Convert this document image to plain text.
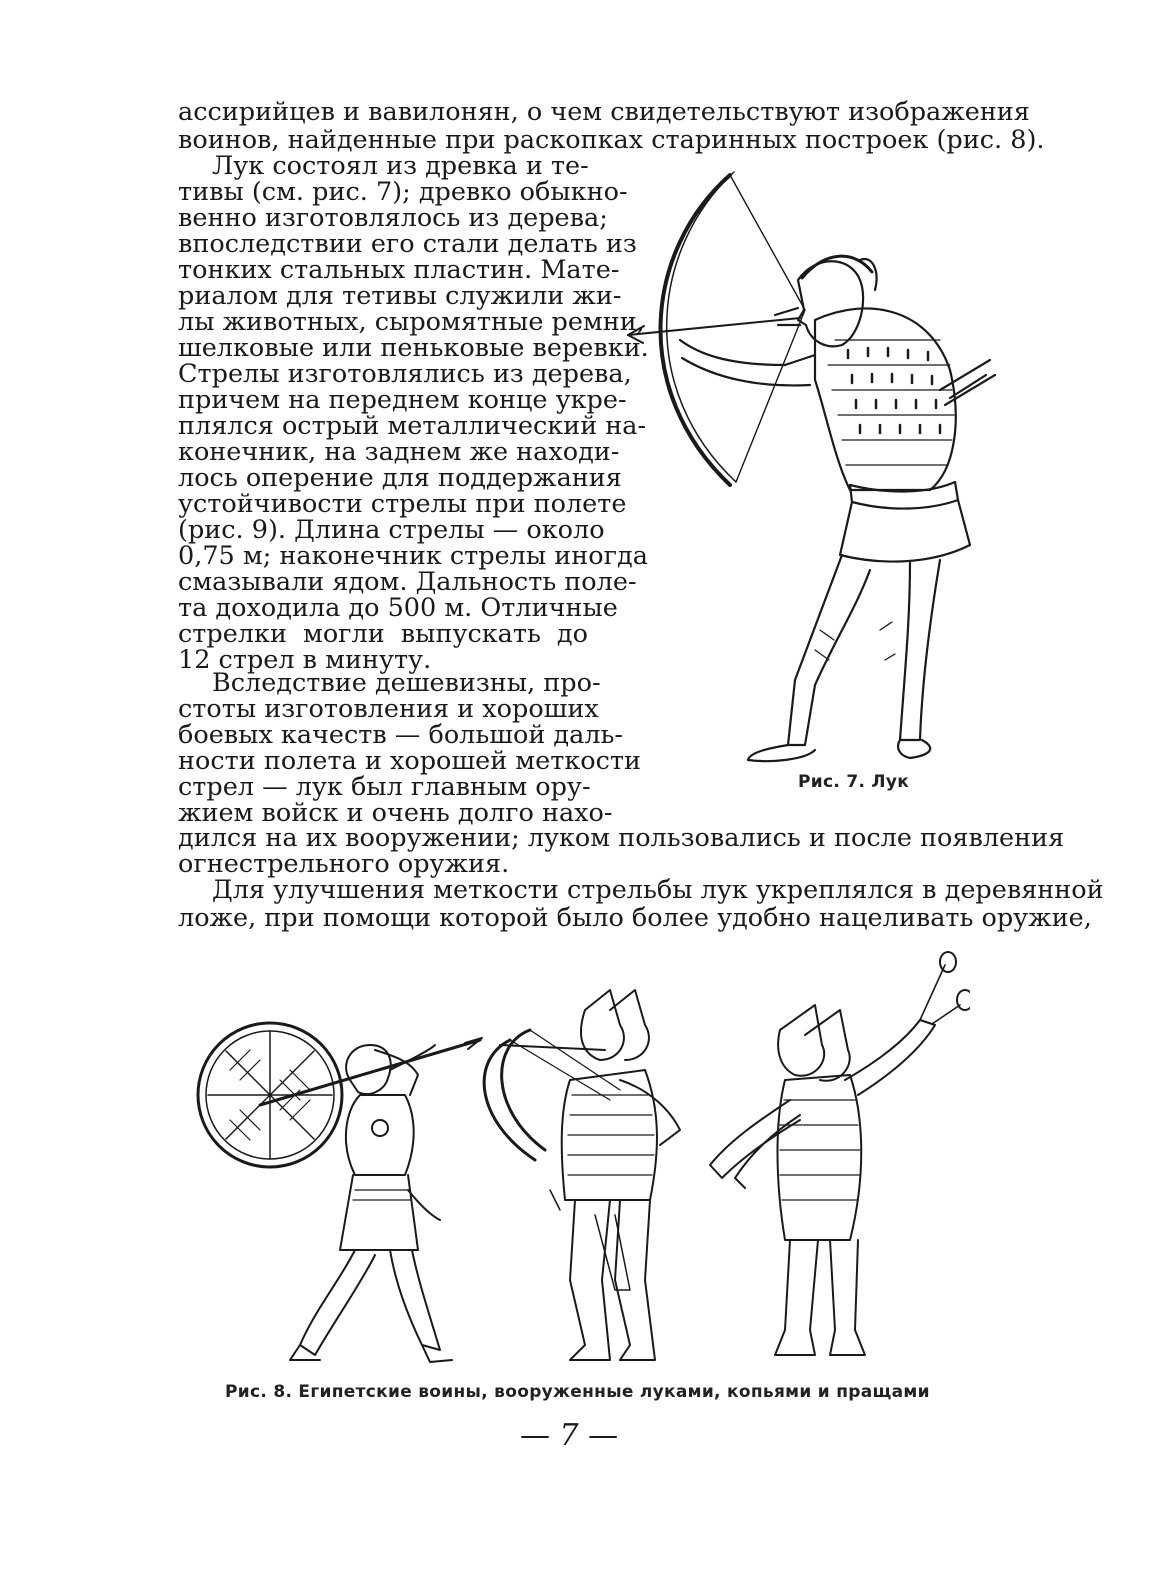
ассирийцев и вавилонян, о чем свидетельствуют изображения
воинов, найденные при раскопках старинных построек (рис. 8).
Лук состоял из древка и те-
тивы (см. рис. 7); древко обыкно-
венно изготовлялось из дерева;
впоследствии его стали делать из
тонких стальных пластин. Мате-
риалом для тетивы служили жи-
лы животных, сыромятные ремни,
шелковые или пеньковые веревки.
Стрелы изготовлялись из дерева,
причем на переднем конце укре-
плялся острый металлический на-
конечник, на заднем же находи-
лось оперение для поддержания
устойчивости стрелы при полете
(рис. 9). Длина стрелы — около
0,75 м; наконечник стрелы иногда
смазывали ядом. Дальность поле-
та доходила до 500 м. Отличные
стрелки могли выпускать до
12 стрел в минуту.
Вследствие дешевизны, про-
стоты изготовления и хороших
боевых качеств — большой даль-
ности полета и хорошей меткости
стрел — лук был главным ору-
жием войск и очень долго нахо-
дился на их вооружении; луком пользовались и после появления
огнестрельного оружия.
Для улучшения меткости стрельбы лук укреплялся в деревянной
ложе, при помощи которой было более удобно нацеливать оружие,
Рис. 7. Лук
Рис. 8. Египетские воины, вооруженные луками, копьями и пращами
— 7 —
